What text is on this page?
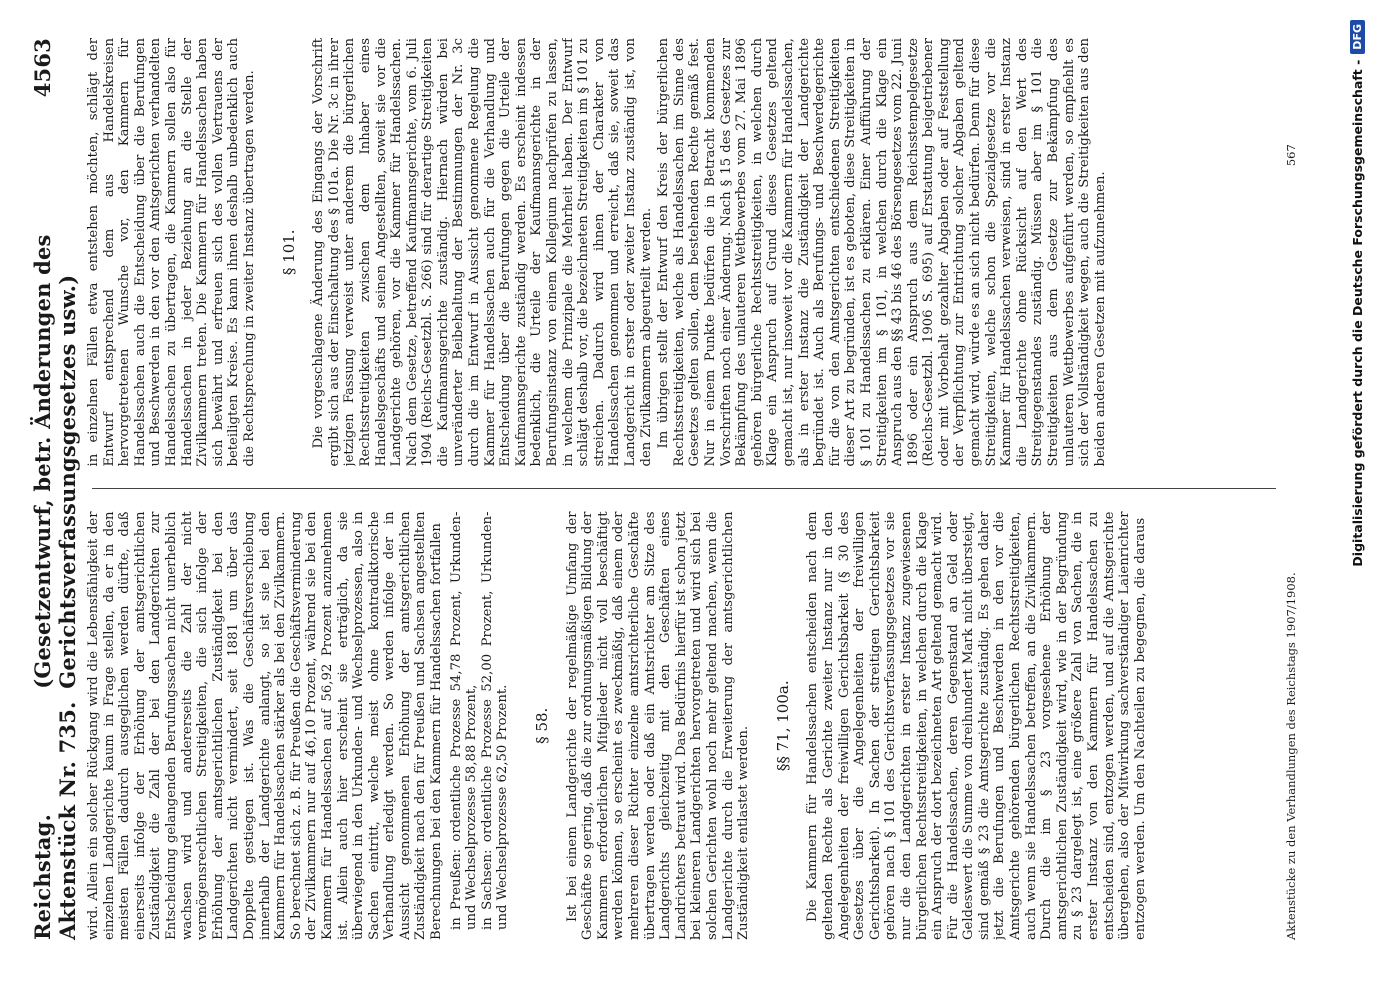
Reichstag. Aktenstück Nr. 735.
(Gesetzentwurf, betr. Änderungen des Gerichtsverfassungsgesetzes usw.)
4563

wird. Allein ein solcher Rückgang wird die Lebensfähigkeit der einzelnen Landgerichte kaum in Frage stellen, da er in den meisten Fällen dadurch ausgeglichen werden dürfte, daß einerseits infolge der Erhöhung der amtsgerichtlichen Zuständigkeit die Zahl der bei den Landgerichten zur Entscheidung gelangenden Berufungssachen nicht unerheblich wachsen wird und andererseits die Zahl der nicht vermögensrechtlichen Streitigkeiten, die sich infolge der Erhöhung der amtsgerichtlichen Zuständigkeit bei den Landgerichten nicht vermindert, seit 1881 um über das Doppelte gestiegen ist. Was die Geschäftsverschiebung innerhalb der Landgerichte anlangt, so ist sie bei den Kammern für Handelssachen stärker als bei den Zivilkammern. So berechnet sich z. B. für Preußen die Geschäftsverminderung der Zivilkammern nur auf 46,10 Prozent, während sie bei den Kammern für Handelssachen auf 56,92 Prozent anzunehmen ist. Allein auch hier erscheint sie erträglich, da sie überwiegend in den Urkunden- und Wechselprozessen, also in Sachen eintritt, welche meist ohne kontradiktorische Verhandlung erledigt werden. So werden infolge der in Aussicht genommenen Erhöhung der amtsgerichtlichen Zuständigkeit nach den für Preußen und Sachsen angestellten Berechnungen bei den Kammern für Handelssachen fortfallen in Preußen: ordentliche Prozesse 54,78 Prozent, Urkunden- und Wechselprozesse 58,88 Prozent, in Sachsen: ordentliche Prozesse 52,00 Prozent, Urkunden- und Wechselprozesse 62,50 Prozent. § 58. Ist bei einem Landgerichte der regelmäßige Umfang der Geschäfte so gering, daß die zur ordnungsmäßigen Bildung der Kammern erforderlichen Mitglieder nicht voll beschäftigt werden können, so erscheint es zweckmäßig, daß einem oder mehreren dieser Richter einzelne amtsrichterliche Geschäfte übertragen werden oder daß ein Amtsrichter am Sitze des Landgerichts gleichzeitig mit den Geschäften eines Landrichters betraut wird. Das Bedürfnis hierfür ist schon jetzt bei kleineren Landgerichten hervorgetreten und wird sich bei solchen Gerichten wohl noch mehr geltend machen, wenn die Landgerichte durch die Erweiterung der amtsgerichtlichen Zuständigkeit entlastet werden.

§§ 71, 100a. Die Kammern für Handelssachen entscheiden nach dem geltenden Rechte als Gerichte zweiter Instanz nur in den Angelegenheiten der freiwilligen Gerichtsbarkeit (§ 30 des Gesetzes über die Angelegenheiten der freiwilligen Gerichtsbarkeit). In Sachen der streitigen Gerichtsbarkeit gehören nach § 101 des Gerichtsverfassungsgesetzes vor sie nur die den Landgerichten in erster Instanz zugewiesenen bürgerlichen Rechtsstreitigkeiten, in welchen durch die Klage ein Anspruch der dort bezeichneten Art geltend gemacht wird. Für die Handelssachen, deren Gegenstand an Geld oder Geldeswert die Summe von dreihundert Mark nicht übersteigt, sind gemäß § 23 die Amtsgerichte zuständig. Es gehen daher jetzt die Berufungen und Beschwerden in den vor die Amtsgerichte gehörenden bürgerlichen Rechtsstreitigkeiten, auch wenn sie Handelssachen betreffen, an die Zivilkammern. Durch die im § 23 vorgesehene Erhöhung der amtsgerichtlichen Zuständigkeit wird, wie in der Begründung zu § 23 dargelegt ist, eine größere Zahl von Sachen, die in erster Instanz von den Kammern für Handelssachen zu entscheiden sind, entzogen werden, und auf die Amtsgerichte übergehen, also der Mitwirkung sachverständiger Laienrichter entzogen werden. Um den Nachteilen zu begegnen, die daraus

in einzelnen Fällen etwa entstehen möchten, schlägt der Entwurf entsprechend dem aus Handelskreisen hervorgetretenen Wunsche vor, den Kammern für Handelssachen auch die Entscheidung über die Berufungen und Beschwerden in den vor den Amtsgerichten verhandelten Handelssachen zu übertragen, die Kammern sollen also für Handelssachen in jeder Beziehung an die Stelle der Zivilkammern treten. Die Kammern für Handelssachen haben sich bewährt und erfreuen sich des vollen Vertrauens der beteiligten Kreise. Es kann ihnen deshalb unbedenklich auch die Rechtsprechung in zweiter Instanz übertragen werden. § 101. Die vorgeschlagene Änderung des Eingangs der Vorschrift ergibt sich aus der Einschaltung des § 101a. Die Nr. 3c in ihrer jetzigen Fassung verweist unter anderem die bürgerlichen Rechtsstreitigkeiten zwischen dem Inhaber eines Handelsgeschäfts und seinen Angestellten, soweit sie vor die Landgerichte gehören, vor die Kammer für Handelssachen. Nach dem Gesetze, betreffend Kaufmannsgerichte, vom 6. Juli 1904 (Reichs-Gesetzbl. S. 266) sind für derartige Streitigkeiten die Kaufmannsgerichte zuständig. Hiernach würden bei unveränderter Beibehaltung der Bestimmungen der Nr. 3c durch die im Entwurf in Aussicht genommene Regelung die Kammer für Handelssachen auch für die Verhandlung und Entscheidung über die Berufungen gegen die Urteile der Kaufmannsgerichte zuständig werden. Es erscheint indessen bedenklich, die Urteile der Kaufmannsgerichte in der Berufungsinstanz von einem Kollegium nachprüfen zu lassen, in welchem die Prinzipale die Mehrheit haben. Der Entwurf schlägt deshalb vor, die bezeichneten Streitigkeiten im § 101 zu streichen. Dadurch wird ihnen der Charakter von Handelssachen genommen und erreicht, daß sie, soweit das Landgericht in erster oder zweiter Instanz zuständig ist, von den Zivilkammern abgeurteilt werden. Im übrigen stellt der Entwurf den Kreis der bürgerlichen Rechtsstreitigkeiten, welche als Handelssachen im Sinne des Gesetzes gelten sollen, dem bestehenden Rechte gemäß fest. Nur in einem Punkte bedürfen die in Betracht kommenden Vorschriften noch einer Änderung. Nach § 15 des Gesetzes zur Bekämpfung des unlauteren Wettbewerbes vom 27. Mai 1896 gehören bürgerliche Rechtsstreitigkeiten, in welchen durch Klage ein Anspruch auf Grund dieses Gesetzes geltend gemacht ist, nur insoweit vor die Kammern für Handelssachen, als in erster Instanz die Zuständigkeit der Landgerichte begründet ist. Auch als Berufungs- und Beschwerdegerichte für die von den Amtsgerichten entschiedenen Streitigkeiten dieser Art zu begründen, ist es geboten, diese Streitigkeiten in § 101 zu Handelssachen zu erklären. Einer Aufführung der Streitigkeiten im § 101, in welchen durch die Klage ein Anspruch aus den §§ 43 bis 46 des Börsengesetzes vom 22. Juni 1896 oder ein Anspruch aus dem Reichsstempelgesetze (Reichs-Gesetzbl. 1906 S. 695) auf Erstattung beigetriebener oder mit Vorbehalt gezahlter Abgaben oder auf Feststellung der Verpflichtung zur Entrichtung solcher Abgaben geltend gemacht wird, würde es an sich nicht bedürfen. Denn für diese Streitigkeiten, welche schon die Spezialgesetze vor die Kammer für Handelssachen verweisen, sind in erster Instanz die Landgerichte ohne Rücksicht auf den Wert des Streitgegenstandes zuständig. Müssen aber im § 101 die Streitigkeiten aus dem Gesetze zur Bekämpfung des unlauteren Wettbewerbes aufgeführt werden, so empfiehlt es sich der Vollständigkeit wegen, auch die Streitigkeiten aus den beiden anderen Gesetzen mit aufzunehmen.

Aktenstücke zu den Verhandlungen des Reichstags 1907/1908.
567	Digitalisierung gefördert durch die Deutsche Forschungsgemeinschaft -
DFG
